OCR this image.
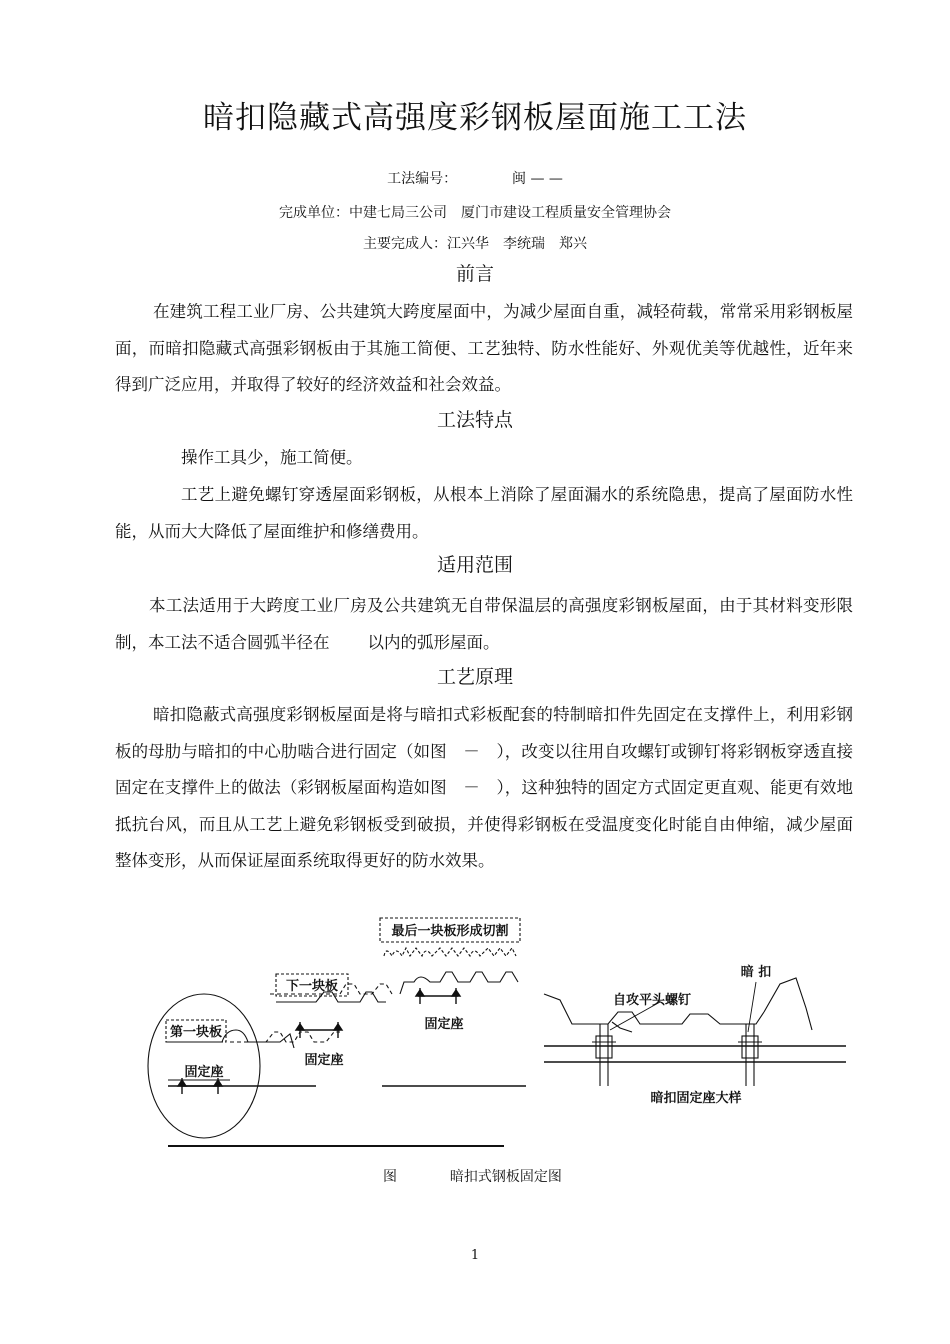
暗扣隐藏式高强度彩钢板屋面施工工法
工法编号：	闽 — —
完成单位：中建七局三公司　厦门市建设工程质量安全管理协会
主要完成人：江兴华　李统瑞　郑兴
前言
在建筑工程工业厂房、公共建筑大跨度屋面中，为减少屋面自重，减轻荷载，常常采用彩钢板屋面，而暗扣隐藏式高强彩钢板由于其施工简便、工艺独特、防水性能好、外观优美等优越性，近年来得到广泛应用，并取得了较好的经济效益和社会效益。
工法特点
操作工具少，施工简便。
工艺上避免螺钉穿透屋面彩钢板，从根本上消除了屋面漏水的系统隐患，提高了屋面防水性能，从而大大降低了屋面维护和修缮费用。
适用范围
本工法适用于大跨度工业厂房及公共建筑无自带保温层的高强度彩钢板屋面，由于其材料变形限制，本工法不适合圆弧半径在 以内的弧形屋面。
工艺原理
暗扣隐蔽式高强度彩钢板屋面是将与暗扣式彩板配套的特制暗扣件先固定在支撑件上，利用彩钢板的母肋与暗扣的中心肋啮合进行固定（如图　－　），改变以往用自攻螺钉或铆钉将彩钢板穿透直接固定在支撑件上的做法（彩钢板屋面构造如图　－　），这种独特的固定方式固定更直观、能更有效地抵抗台风，而且从工艺上避免彩钢板受到破损，并使得彩钢板在受温度变化时能自由伸缩，减少屋面整体变形，从而保证屋面系统取得更好的防水效果。
最后一块板形成切割
下一块板
第一块板
固定座
固定座
固定座
自攻平头螺钉
暗 扣
暗扣固定座大样
图	暗扣式钢板固定图
1
